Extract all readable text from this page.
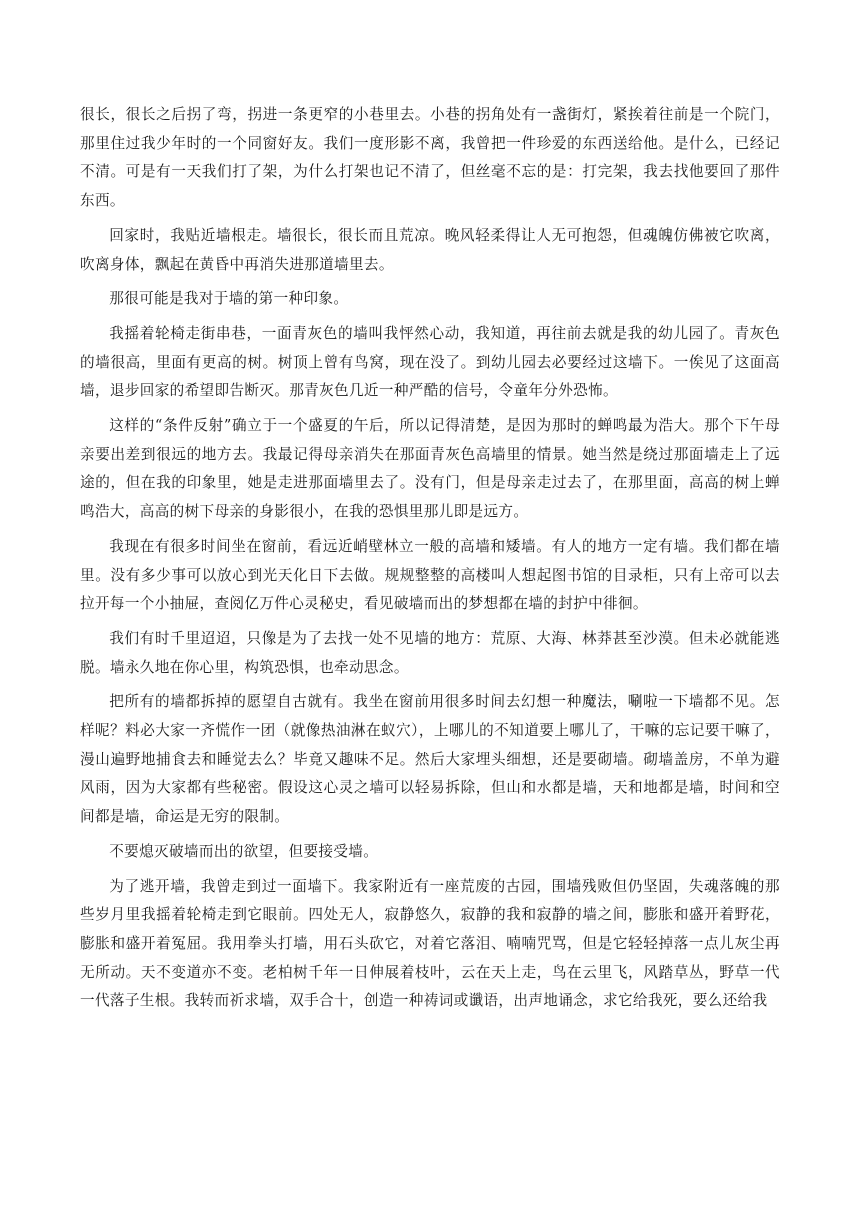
很长，很长之后拐了弯，拐进一条更窄的小巷里去。小巷的拐角处有一盏街灯，紧挨着往前是一个院门，那里住过我少年时的一个同窗好友。我们一度形影不离，我曾把一件珍爱的东西送给他。是什么，已经记不清。可是有一天我们打了架，为什么打架也记不清了，但丝毫不忘的是：打完架，我去找他要回了那件东西。

回家时，我贴近墙根走。墙很长，很长而且荒凉。晚风轻柔得让人无可抱怨，但魂魄仿佛被它吹离，吹离身体，飘起在黄昏中再消失进那道墙里去。

那很可能是我对于墙的第一种印象。

我摇着轮椅走街串巷，一面青灰色的墙叫我怦然心动，我知道，再往前去就是我的幼儿园了。青灰色的墙很高，里面有更高的树。树顶上曾有鸟窝，现在没了。到幼儿园去必要经过这墙下。一俟见了这面高墙，退步回家的希望即告断灭。那青灰色几近一种严酷的信号，令童年分外恐怖。

这样的“条件反射”确立于一个盛夏的午后，所以记得清楚，是因为那时的蝉鸣最为浩大。那个下午母亲要出差到很远的地方去。我最记得母亲消失在那面青灰色高墙里的情景。她当然是绕过那面墙走上了远途的，但在我的印象里，她是走进那面墙里去了。没有门，但是母亲走过去了，在那里面，高高的树上蝉鸣浩大，高高的树下母亲的身影很小，在我的恐惧里那儿即是远方。

我现在有很多时间坐在窗前，看远近峭壁林立一般的高墙和矮墙。有人的地方一定有墙。我们都在墙里。没有多少事可以放心到光天化日下去做。规规整整的高楼叫人想起图书馆的目录柜，只有上帝可以去拉开每一个小抽屉，查阅亿万件心灵秘史，看见破墙而出的梦想都在墙的封护中徘徊。

我们有时千里迢迢，只像是为了去找一处不见墙的地方：荒原、大海、林莽甚至沙漠。但未必就能逃脱。墙永久地在你心里，构筑恐惧，也牵动思念。

把所有的墙都拆掉的愿望自古就有。我坐在窗前用很多时间去幻想一种魔法，唰啦一下墙都不见。怎样呢？料必大家一齐慌作一团（就像热油淋在蚁穴），上哪儿的不知道要上哪儿了，干嘛的忘记要干嘛了，漫山遍野地捕食去和睡觉去么？毕竟又趣味不足。然后大家埋头细想，还是要砌墙。砌墙盖房，不单为避风雨，因为大家都有些秘密。假设这心灵之墙可以轻易拆除，但山和水都是墙，天和地都是墙，时间和空间都是墙，命运是无穷的限制。

不要熄灭破墙而出的欲望，但要接受墙。

为了逃开墙，我曾走到过一面墙下。我家附近有一座荒废的古园，围墙残败但仍坚固，失魂落魄的那些岁月里我摇着轮椅走到它眼前。四处无人，寂静悠久，寂静的我和寂静的墙之间，膨胀和盛开着野花，膨胀和盛开着冤屈。我用拳头打墙，用石头砍它，对着它落泪、喃喃咒骂，但是它轻轻掉落一点儿灰尘再无所动。天不变道亦不变。老柏树千年一日伸展着枝叶，云在天上走，鸟在云里飞，风踏草丛，野草一代一代落子生根。我转而祈求墙，双手合十，创造一种祷词或谶语，出声地诵念，求它给我死，要么还给我
